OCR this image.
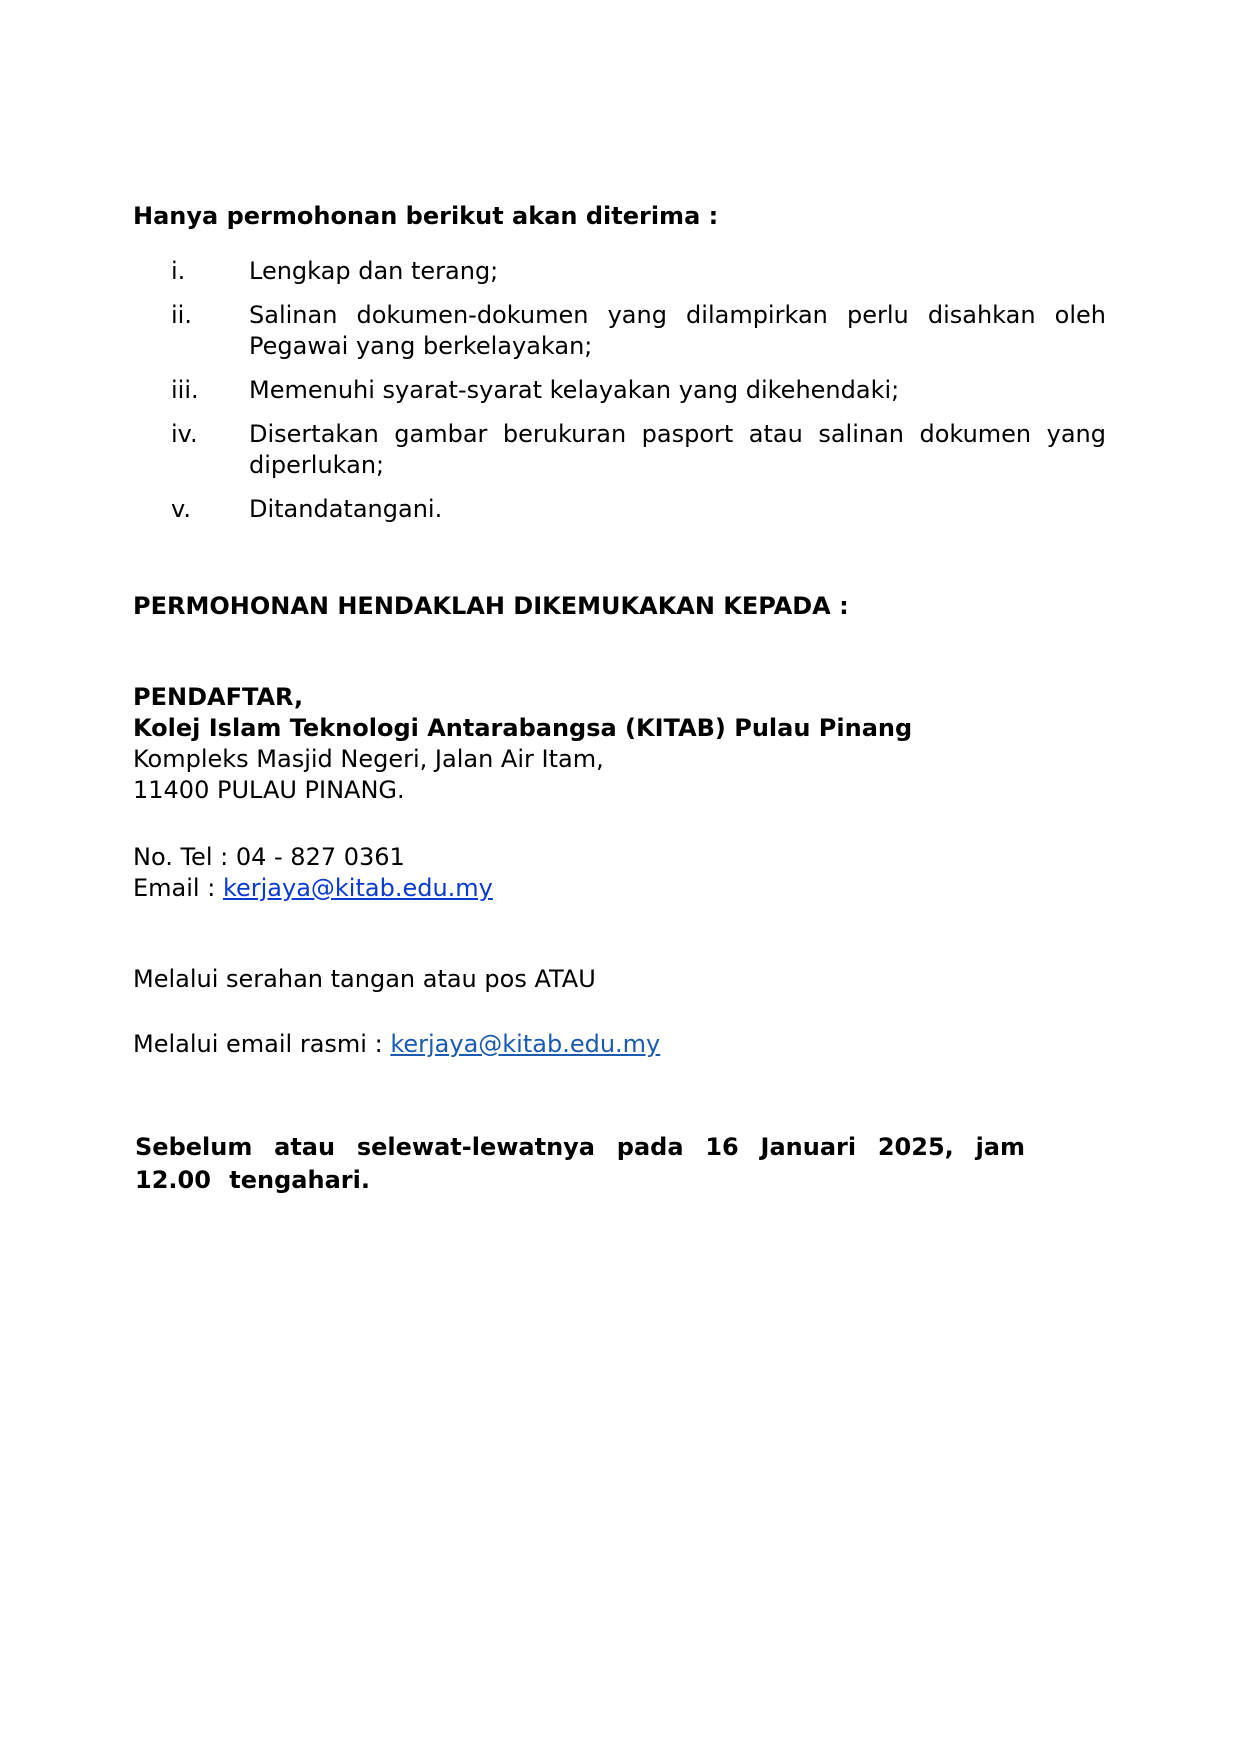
Hanya permohonan berikut akan diterima :
i.	Lengkap dan terang;
ii.	Salinan dokumen-dokumen yang dilampirkan perlu disahkan oleh Pegawai yang berkelayakan;
iii.	Memenuhi syarat-syarat kelayakan yang dikehendaki;
iv.	Disertakan gambar berukuran pasport atau salinan dokumen yang diperlukan;
v.	Ditandatangani.
PERMOHONAN HENDAKLAH DIKEMUKAKAN KEPADA :
PENDAFTAR,
Kolej Islam Teknologi Antarabangsa (KITAB) Pulau Pinang
Kompleks Masjid Negeri, Jalan Air Itam,
11400 PULAU PINANG.
No. Tel : 04 - 827 0361
Email : kerjaya@kitab.edu.my
Melalui serahan tangan atau pos ATAU
Melalui email rasmi : kerjaya@kitab.edu.my
Sebelum atau selewat-lewatnya pada 16 Januari 2025, jam 12.00 tengahari.
